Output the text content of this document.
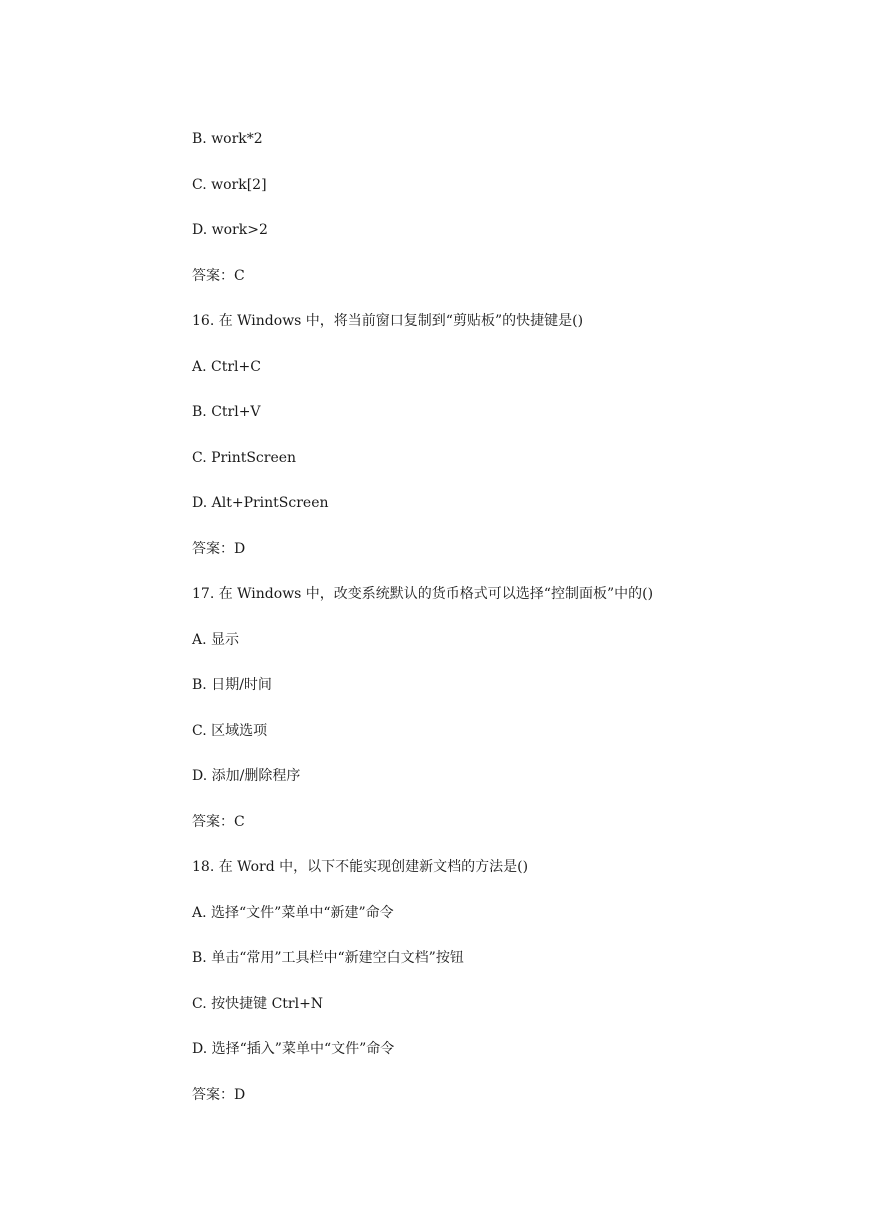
B. work*2
C. work[2]
D. work>2
答案：C
16. 在 Windows 中，将当前窗口复制到“剪贴板”的快捷键是()
A. Ctrl+C
B. Ctrl+V
C. PrintScreen
D. Alt+PrintScreen
答案：D
17. 在 Windows 中，改变系统默认的货币格式可以选择“控制面板”中的()
A. 显示
B. 日期/时间
C. 区域选项
D. 添加/删除程序
答案：C
18. 在 Word 中，以下不能实现创建新文档的方法是()
A. 选择“文件”菜单中“新建”命令
B. 单击“常用”工具栏中“新建空白文档”按钮
C. 按快捷键 Ctrl+N
D. 选择“插入”菜单中“文件”命令
答案：D
